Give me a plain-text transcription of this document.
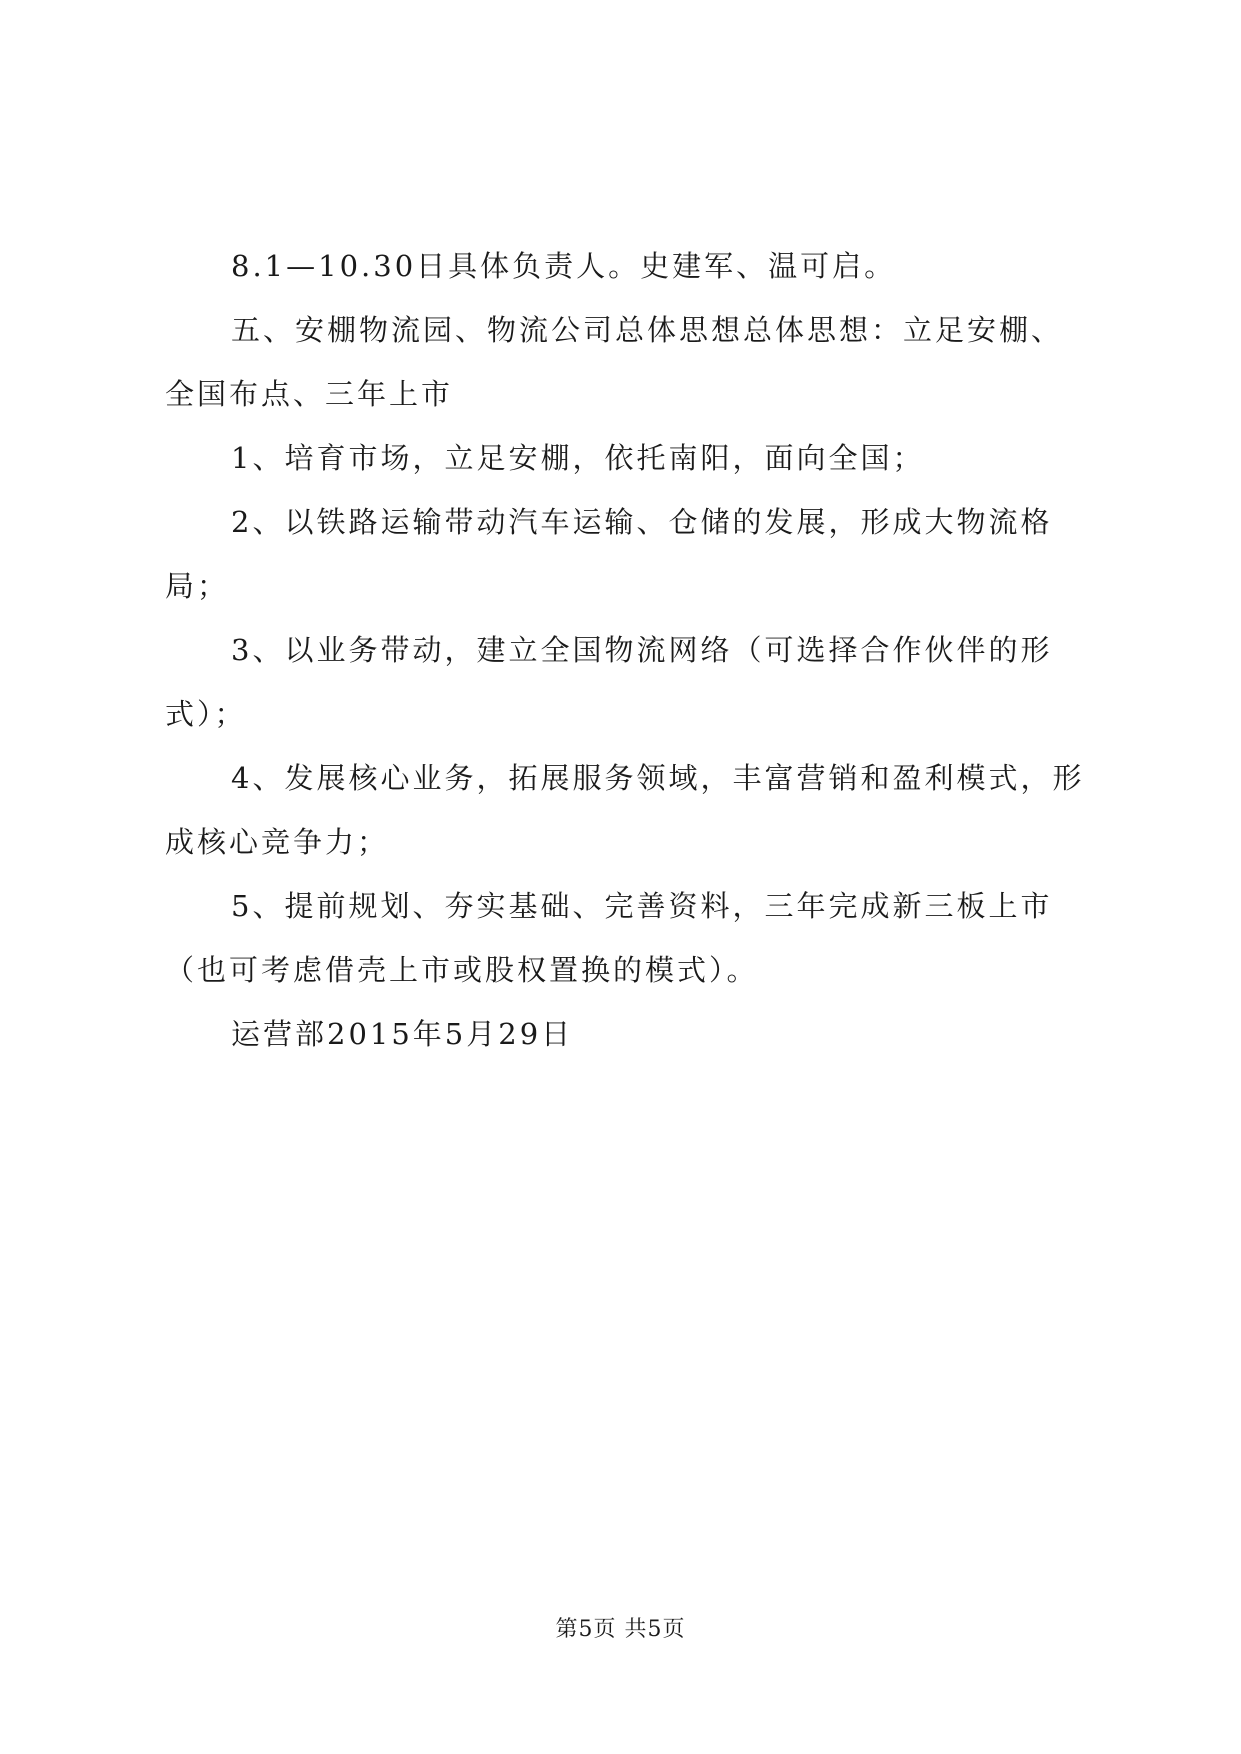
8.1—10.30日具体负责人。史建军、温可启。

五、安棚物流园、物流公司总体思想总体思想：立足安棚、全国布点、三年上市

1、培育市场，立足安棚，依托南阳，面向全国；

2、以铁路运输带动汽车运输、仓储的发展，形成大物流格局；

3、以业务带动，建立全国物流网络（可选择合作伙伴的形式）；

4、发展核心业务，拓展服务领域，丰富营销和盈利模式，形成核心竞争力；

5、提前规划、夯实基础、完善资料，三年完成新三板上市（也可考虑借壳上市或股权置换的模式）。

运营部2015年5月29日

第5页 共5页
